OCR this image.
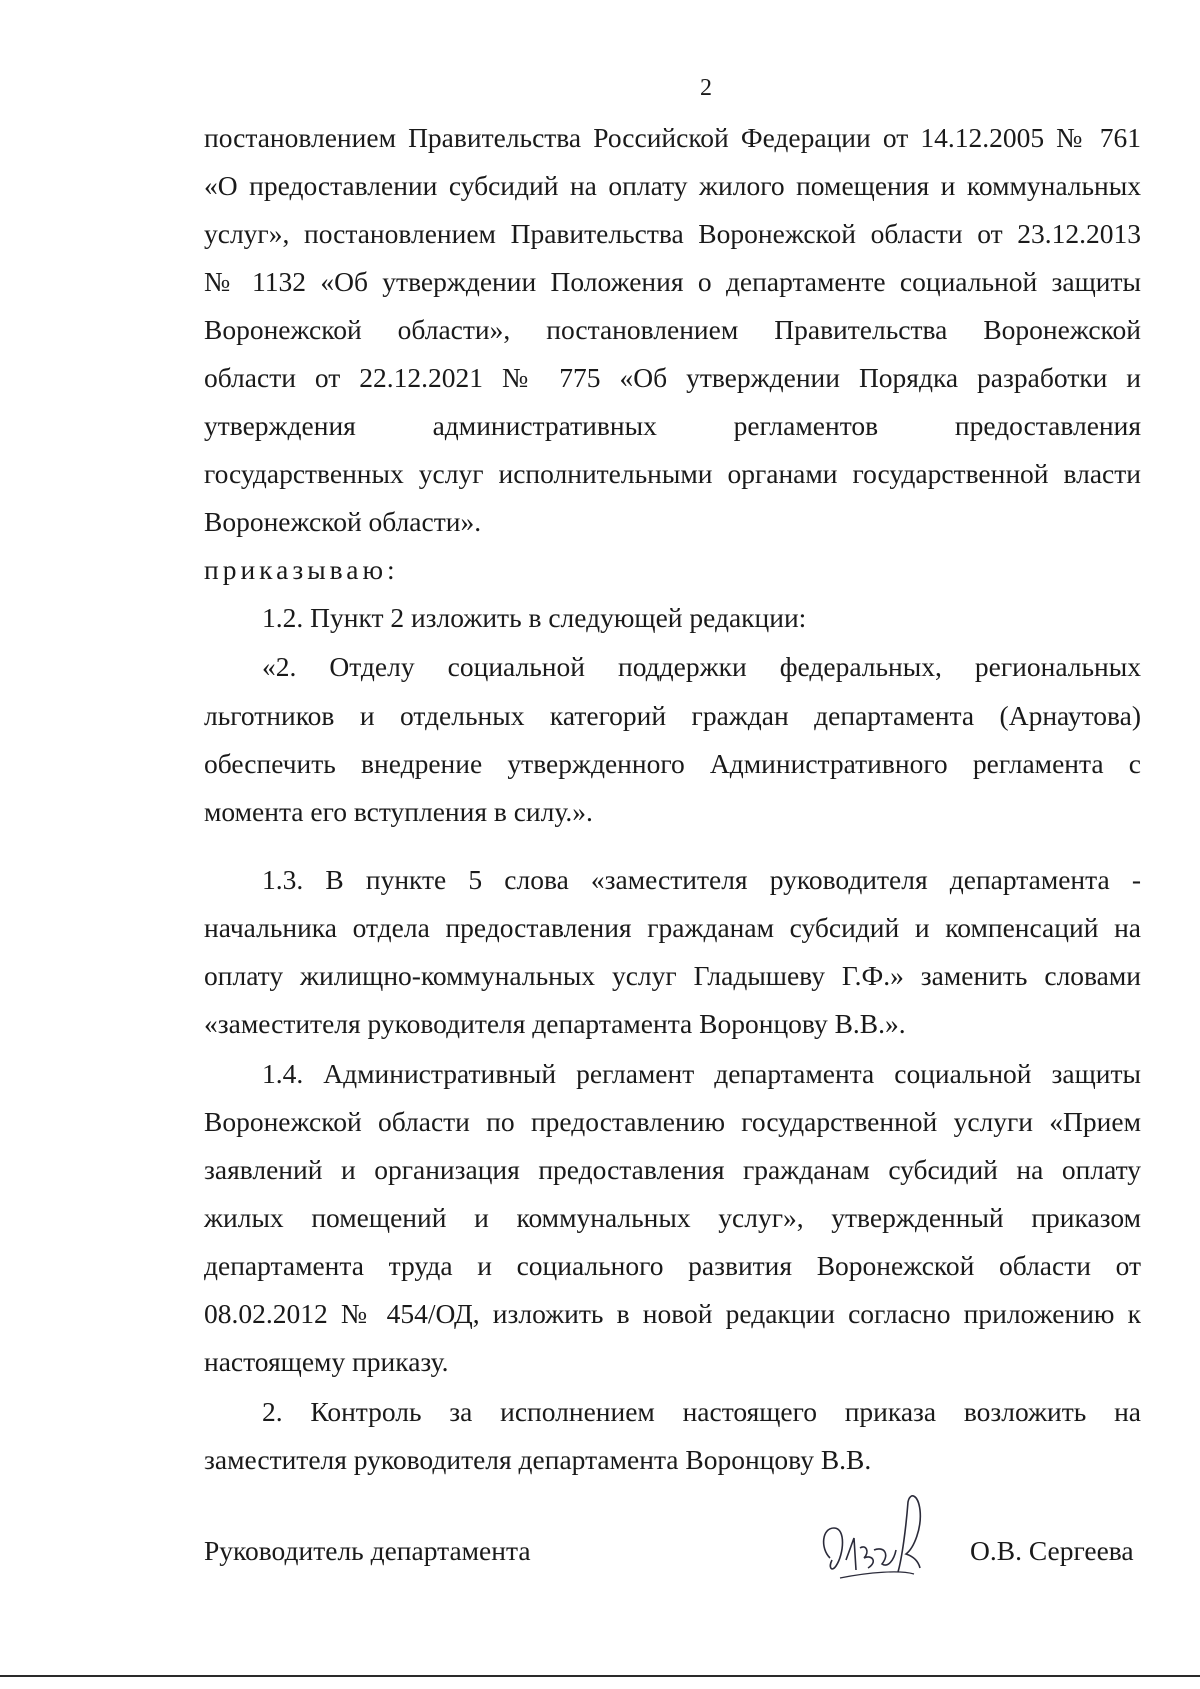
2
постановлением Правительства Российской Федерации от 14.12.2005 № 761
«О предоставлении субсидий на оплату жилого помещения и коммунальных
услуг», постановлением Правительства Воронежской области от 23.12.2013
№ 1132 «Об утверждении Положения о департаменте социальной защиты
Воронежской области», постановлением Правительства Воронежской
области от 22.12.2021 № 775 «Об утверждении Порядка разработки и
утверждения административных регламентов предоставления
государственных услуг исполнительными органами государственной власти
Воронежской области».
приказываю:
1.2. Пункт 2 изложить в следующей редакции:
«2. Отделу социальной поддержки федеральных, региональных
льготников и отдельных категорий граждан департамента (Арнаутова)
обеспечить внедрение утвержденного Административного регламента с
момента его вступления в силу.».
1.3. В пункте 5 слова «заместителя руководителя департамента -
начальника отдела предоставления гражданам субсидий и компенсаций на
оплату жилищно-коммунальных услуг Гладышеву Г.Ф.» заменить словами
«заместителя руководителя департамента Воронцову В.В.».
1.4. Административный регламент департамента социальной защиты
Воронежской области по предоставлению государственной услуги «Прием
заявлений и организация предоставления гражданам субсидий на оплату
жилых помещений и коммунальных услуг», утвержденный приказом
департамента труда и социального развития Воронежской области от
08.02.2012 № 454/ОД, изложить в новой редакции согласно приложению к
настоящему приказу.
2. Контроль за исполнением настоящего приказа возложить на
заместителя руководителя департамента Воронцову В.В.
Руководитель департамента	О.В. Сергеева
